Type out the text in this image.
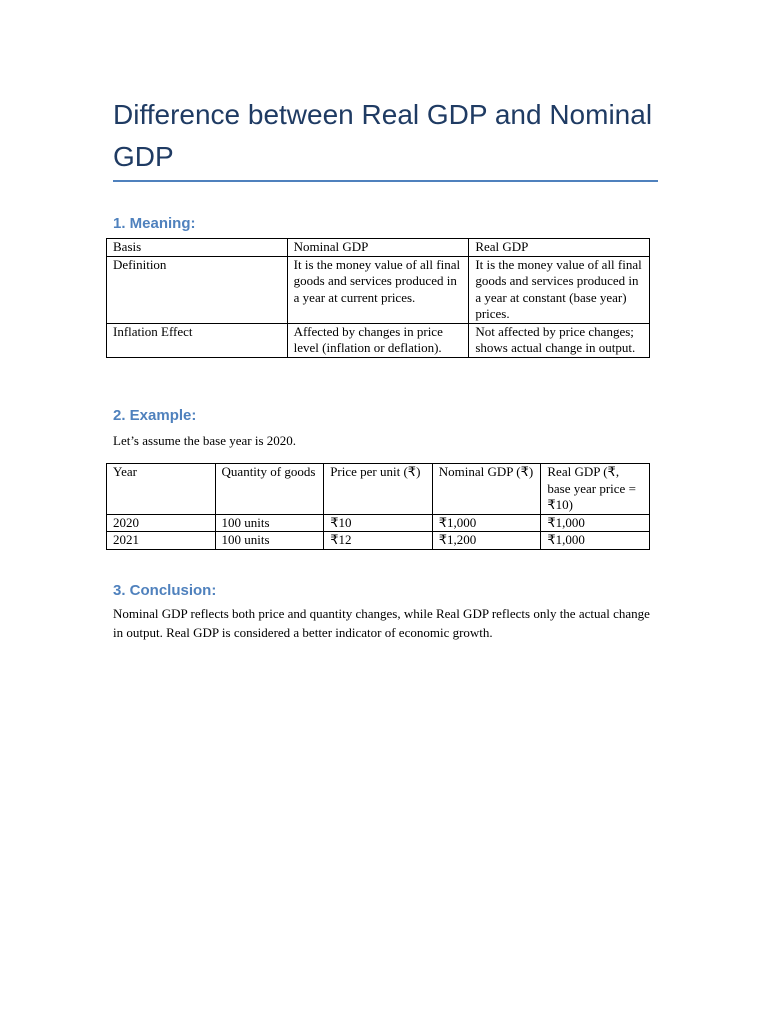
Difference between Real GDP and Nominal GDP
1. Meaning:
Basis	Nominal GDP	Real GDP
Definition	It is the money value of all final goods and services produced in a year at current prices.	It is the money value of all final goods and services produced in a year at constant (base year) prices.
Inflation Effect	Affected by changes in price level (inflation or deflation).	Not affected by price changes; shows actual change in output.
2. Example:

Let’s assume the base year is 2020.

Year	Quantity of goods	Price per unit (₹)	Nominal GDP (₹)	Real GDP (₹, base year price = ₹10)
2020	100 units	₹10	₹1,000	₹1,000
2021	100 units	₹12	₹1,200	₹1,000
3. Conclusion:

Nominal GDP reflects both price and quantity changes, while Real GDP reflects only the actual change in output. Real GDP is considered a better indicator of economic growth.
